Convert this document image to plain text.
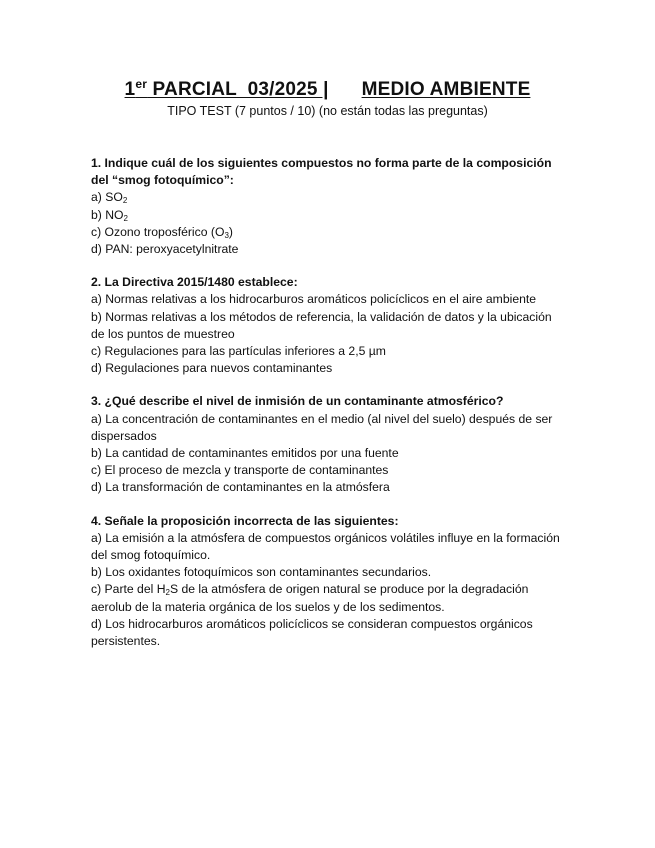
1er PARCIAL  03/2025 | MEDIO AMBIENTE
TIPO TEST (7 puntos / 10) (no están todas las preguntas)
1. Indique cuál de los siguientes compuestos no forma parte de la composición del “smog fotoquímico”:
a) $SO_2$
b) $NO_2$
c) Ozono troposférico $(O_3)$
d) PAN: peroxyacetylnitrate
2. La Directiva 2015/1480 establece:
a) Normas relativas a los hidrocarburos aromáticos policíclicos en el aire ambiente
b) Normas relativas a los métodos de referencia, la validación de datos y la ubicación de los puntos de muestreo
c) Regulaciones para las partículas inferiores a 2,5 µm
d) Regulaciones para nuevos contaminantes
3. ¿Qué describe el nivel de inmisión de un contaminante atmosférico?
a) La concentración de contaminantes en el medio (al nivel del suelo) después de ser dispersados
b) La cantidad de contaminantes emitidos por una fuente
c) El proceso de mezcla y transporte de contaminantes
d) La transformación de contaminantes en la atmósfera
4. Señale la proposición incorrecta de las siguientes:
a) La emisión a la atmósfera de compuestos orgánicos volátiles influye en la formación del smog fotoquímico.
b) Los oxidantes fotoquímicos son contaminantes secundarios.
c) Parte del $H_2S$ de la atmósfera de origen natural se produce por la degradación aerolub de la materia orgánica de los suelos y de los sedimentos.
d) Los hidrocarburos aromáticos policíclicos se consideran compuestos orgánicos persistentes.
